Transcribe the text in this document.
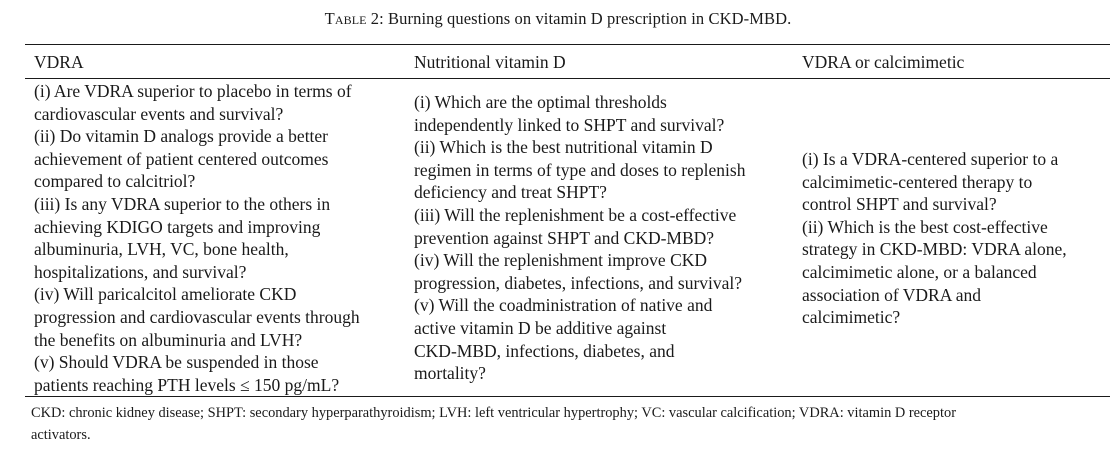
Table 2: Burning questions on vitamin D prescription in CKD-MBD.
VDRA	Nutritional vitamin D	VDRA or calcimimetic
(i) Are VDRA superior to placebo in terms of
cardiovascular events and survival?
(ii) Do vitamin D analogs provide a better
achievement of patient centered outcomes
compared to calcitriol?
(iii) Is any VDRA superior to the others in
achieving KDIGO targets and improving
albuminuria, LVH, VC, bone health,
hospitalizations, and survival?
(iv) Will paricalcitol ameliorate CKD
progression and cardiovascular events through
the benefits on albuminuria and LVH?
(v) Should VDRA be suspended in those
patients reaching PTH levels ≤ 150 pg/mL?
(i) Which are the optimal thresholds
independently linked to SHPT and survival?
(ii) Which is the best nutritional vitamin D
regimen in terms of type and doses to replenish
deficiency and treat SHPT?
(iii) Will the replenishment be a cost-effective
prevention against SHPT and CKD-MBD?
(iv) Will the replenishment improve CKD
progression, diabetes, infections, and survival?
(v) Will the coadministration of native and
active vitamin D be additive against
CKD-MBD, infections, diabetes, and
mortality?
(i) Is a VDRA-centered superior to a
calcimimetic-centered therapy to
control SHPT and survival?
(ii) Which is the best cost-effective
strategy in CKD-MBD: VDRA alone,
calcimimetic alone, or a balanced
association of VDRA and
calcimimetic?
CKD: chronic kidney disease; SHPT: secondary hyperparathyroidism; LVH: left ventricular hypertrophy; VC: vascular calcification; VDRA: vitamin D receptor
activators.
